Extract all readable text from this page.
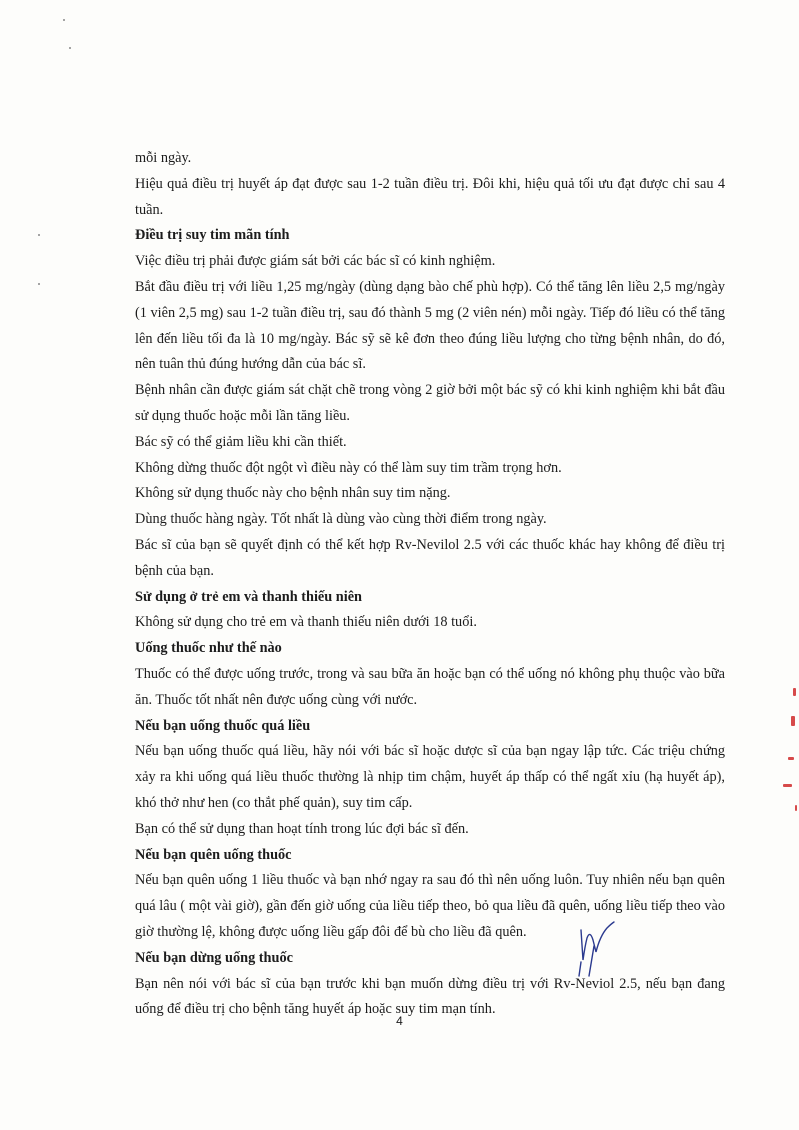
mỗi ngày.

Hiệu quả điều trị huyết áp đạt được sau 1-2 tuần điều trị. Đôi khi, hiệu quả tối ưu đạt được chỉ sau 4 tuần.

Điều trị suy tim mãn tính

Việc điều trị phải được giám sát bởi các bác sĩ có kinh nghiệm.

Bắt đầu điều trị với liều 1,25 mg/ngày (dùng dạng bào chế phù hợp). Có thể tăng lên liều 2,5 mg/ngày (1 viên 2,5 mg) sau 1-2 tuần điều trị, sau đó thành 5 mg (2 viên nén) mỗi ngày. Tiếp đó liều có thể tăng lên đến liều tối đa là 10 mg/ngày. Bác sỹ sẽ kê đơn theo đúng liều lượng cho từng bệnh nhân, do đó, nên tuân thủ đúng hướng dẫn của bác sĩ.

Bệnh nhân cần được giám sát chặt chẽ trong vòng 2 giờ bởi một bác sỹ có khi kinh nghiệm khi bắt đầu sử dụng thuốc hoặc mỗi lần tăng liều.

Bác sỹ có thể giảm liều khi cần thiết.

Không dừng thuốc đột ngột vì điều này có thể làm suy tim trầm trọng hơn.

Không sử dụng thuốc này cho bệnh nhân suy tim nặng.

Dùng thuốc hàng ngày. Tốt nhất là dùng vào cùng thời điểm trong ngày.

Bác sĩ của bạn sẽ quyết định có thể kết hợp Rv-Nevilol 2.5 với các thuốc khác hay không để điều trị bệnh của bạn.

Sử dụng ở trẻ em và thanh thiếu niên

Không sử dụng cho trẻ em và thanh thiếu niên dưới 18 tuổi.

Uống thuốc như thế nào

Thuốc có thể được uống trước, trong và sau bữa ăn hoặc bạn có thể uống nó không phụ thuộc vào bữa ăn. Thuốc tốt nhất nên được uống cùng với nước.

Nếu bạn uống thuốc quá liều

Nếu bạn uống thuốc quá liều, hãy nói với bác sĩ hoặc dược sĩ của bạn ngay lập tức. Các triệu chứng xảy ra khi uống quá liều thuốc thường là nhịp tim chậm, huyết áp thấp có thể ngất xỉu (hạ huyết áp), khó thở như hen (co thắt phế quản), suy tim cấp.

Bạn có thể sử dụng than hoạt tính trong lúc đợi bác sĩ đến.

Nếu bạn quên uống thuốc

Nếu bạn quên uống 1 liều thuốc và bạn nhớ ngay ra sau đó thì nên uống luôn. Tuy nhiên nếu bạn quên quá lâu ( một vài giờ), gần đến giờ uống của liều tiếp theo, bỏ qua liều đã quên, uống liều tiếp theo vào giờ thường lệ, không được uống liều gấp đôi để bù cho liều đã quên.

Nếu bạn dừng uống thuốc

Bạn nên nói với bác sĩ của bạn trước khi bạn muốn dừng điều trị với Rv-Neviol 2.5, nếu bạn đang uống để điều trị cho bệnh tăng huyết áp hoặc suy tim mạn tính.

4
